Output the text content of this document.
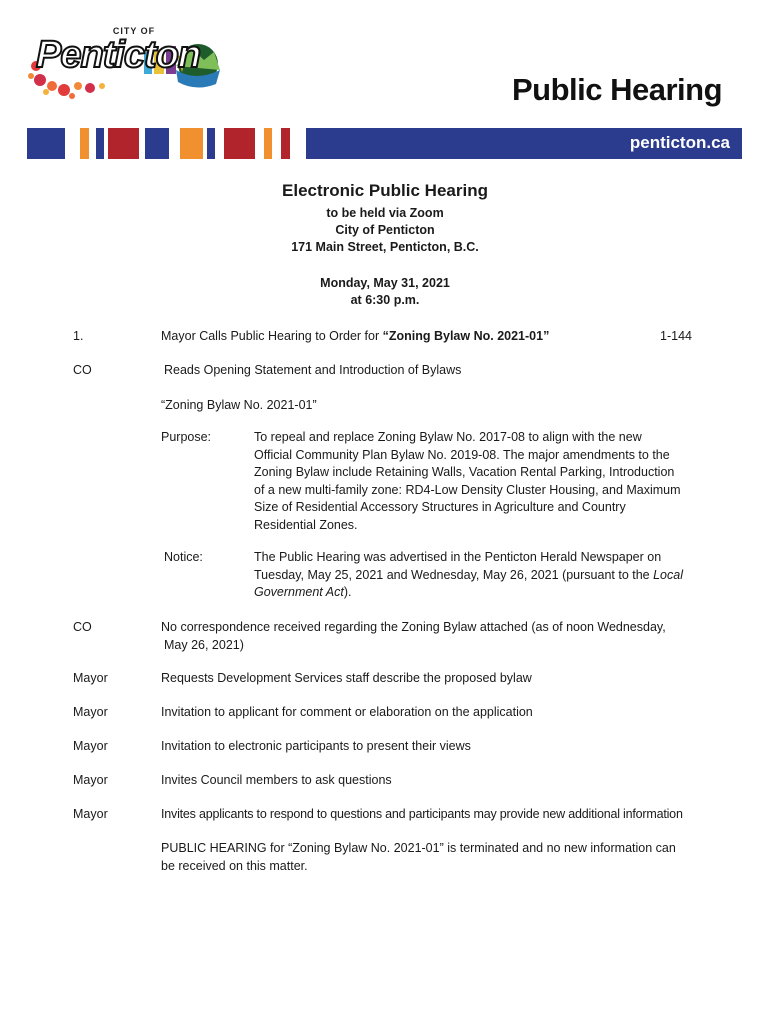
CITY OF
Penticton
Public Hearing
penticton.ca
Electronic Public Hearing
to be held via Zoom
City of Penticton
171 Main Street, Penticton, B.C.
Monday, May 31, 2021
at 6:30 p.m.
1.	Mayor Calls Public Hearing to Order for “Zoning Bylaw No. 2021-01”	1-144
CO	Reads Opening Statement and Introduction of Bylaws
“Zoning Bylaw No. 2021-01”
Purpose:	To repeal and replace Zoning Bylaw No. 2017-08 to align with the new
Official Community Plan Bylaw No. 2019-08. The major amendments to the
Zoning Bylaw include Retaining Walls, Vacation Rental Parking, Introduction
of a new multi-family zone: RD4-Low Density Cluster Housing, and Maximum
Size of Residential Accessory Structures in Agriculture and Country
Residential Zones.
Notice:	The Public Hearing was advertised in the Penticton Herald Newspaper on
Tuesday, May 25, 2021 and Wednesday, May 26, 2021 (pursuant to the Local
Government Act).
CO	No correspondence received regarding the Zoning Bylaw attached (as of noon Wednesday,
May 26, 2021)
Mayor	Requests Development Services staff describe the proposed bylaw
Mayor	Invitation to applicant for comment or elaboration on the application
Mayor	Invitation to electronic participants to present their views
Mayor	Invites Council members to ask questions
Mayor	Invites applicants to respond to questions and participants may provide new additional information
PUBLIC HEARING for “Zoning Bylaw No. 2021-01” is terminated and no new information can
be received on this matter.
